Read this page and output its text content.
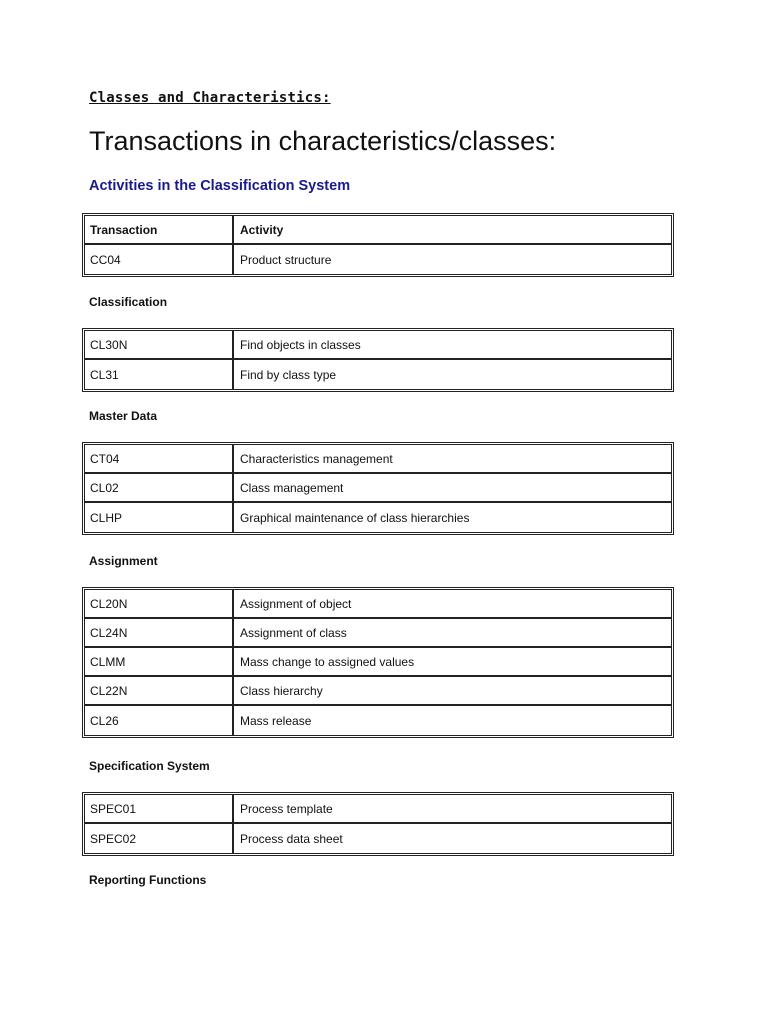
Classes and Characteristics:
Transactions in characteristics/classes:
Activities in the Classification System
Transaction	Activity
CC04	Product structure
Classification
CL30N	Find objects in classes
CL31	Find by class type
Master Data
CT04	Characteristics management
CL02	Class management
CLHP	Graphical maintenance of class hierarchies
Assignment
CL20N	Assignment of object
CL24N	Assignment of class
CLMM	Mass change to assigned values
CL22N	Class hierarchy
CL26	Mass release
Specification System
SPEC01	Process template
SPEC02	Process data sheet
Reporting Functions
